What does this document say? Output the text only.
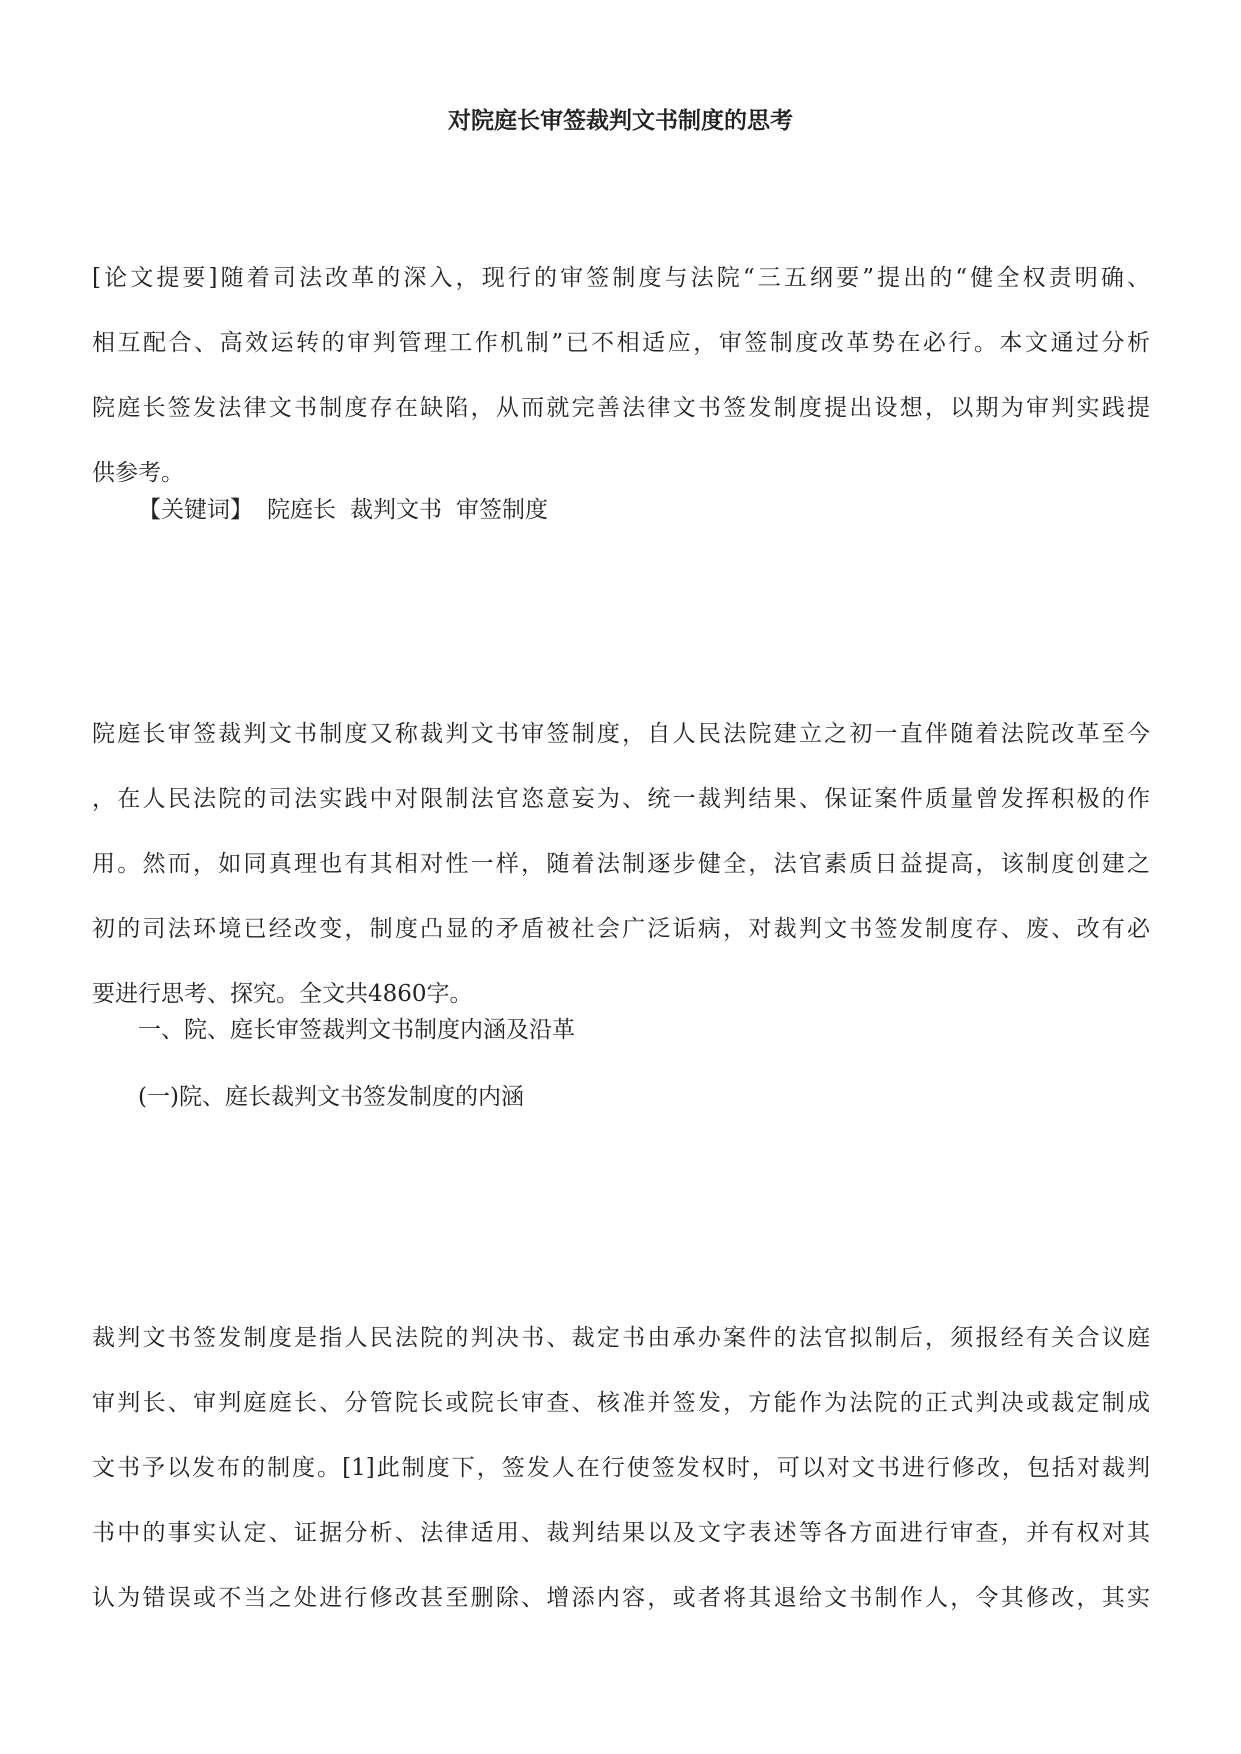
对院庭长审签裁判文书制度的思考
[论文提要]随着司法改革的深入，现行的审签制度与法院“三五纲要”提出的“健全权责明确、
相互配合、高效运转的审判管理工作机制”已不相适应，审签制度改革势在必行。本文通过分析
院庭长签发法律文书制度存在缺陷，从而就完善法律文书签发制度提出设想，以期为审判实践提
供参考。
【关键词】 院庭长 裁判文书 审签制度
院庭长审签裁判文书制度又称裁判文书审签制度，自人民法院建立之初一直伴随着法院改革至今
，在人民法院的司法实践中对限制法官恣意妄为、统一裁判结果、保证案件质量曾发挥积极的作
用。然而，如同真理也有其相对性一样，随着法制逐步健全，法官素质日益提高，该制度创建之
初的司法环境已经改变，制度凸显的矛盾被社会广泛诟病，对裁判文书签发制度存、废、改有必
要进行思考、探究。全文共4860字。
一、院、庭长审签裁判文书制度内涵及沿革
(一)院、庭长裁判文书签发制度的内涵
裁判文书签发制度是指人民法院的判决书、裁定书由承办案件的法官拟制后，须报经有关合议庭
审判长、审判庭庭长、分管院长或院长审查、核准并签发，方能作为法院的正式判决或裁定制成
文书予以发布的制度。[1]此制度下，签发人在行使签发权时，可以对文书进行修改，包括对裁判
书中的事实认定、证据分析、法律适用、裁判结果以及文字表述等各方面进行审查，并有权对其
认为错误或不当之处进行修改甚至删除、增添内容，或者将其退给文书制作人，令其修改，其实
